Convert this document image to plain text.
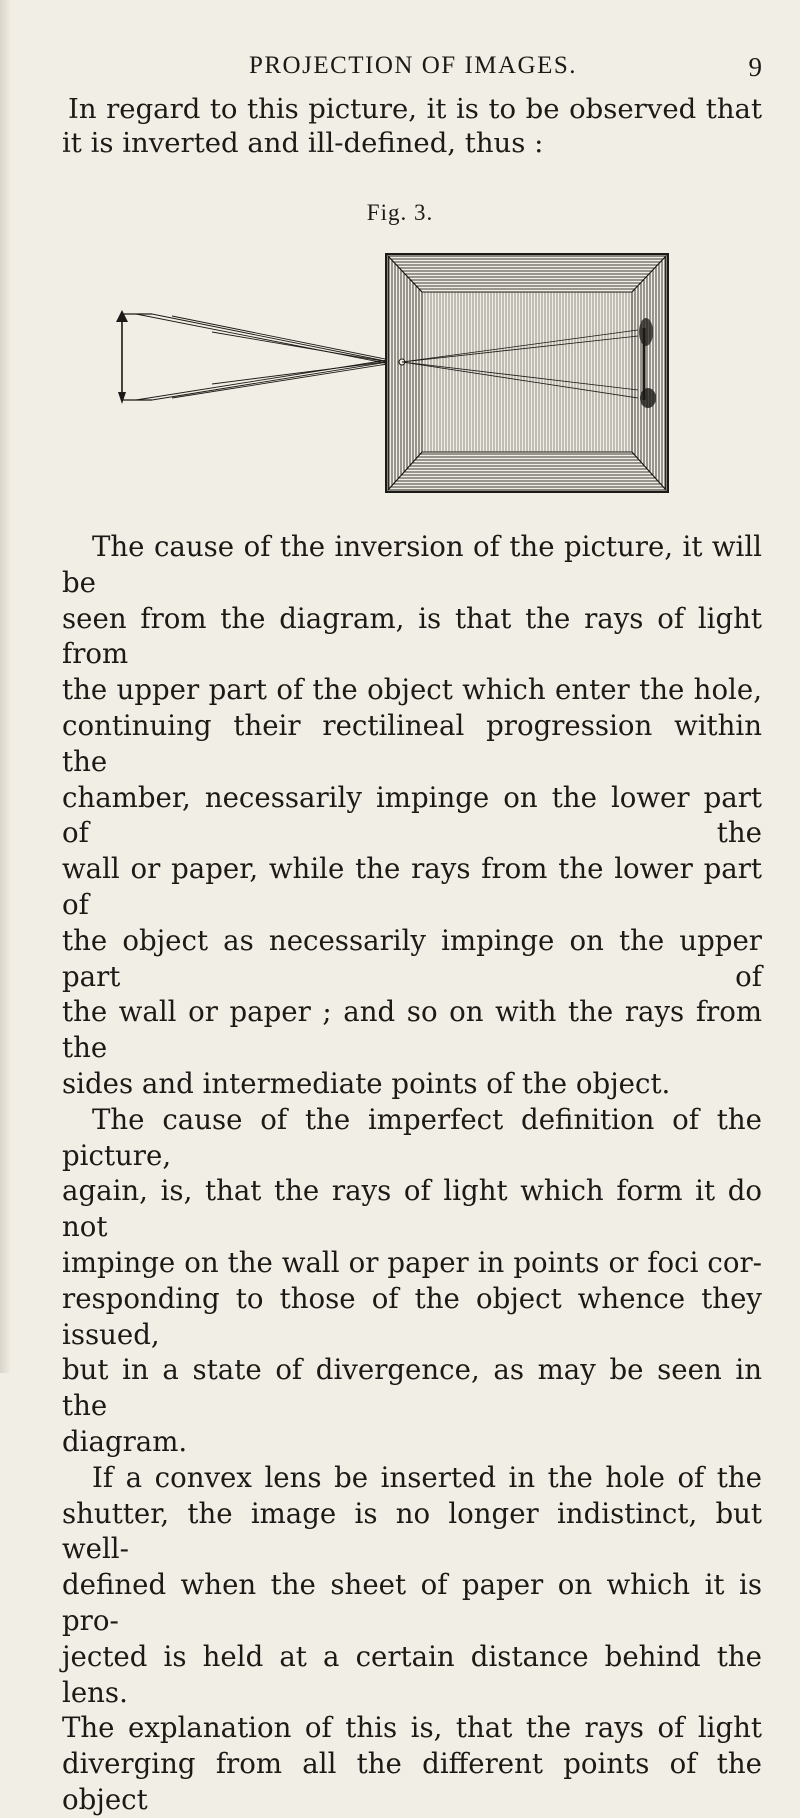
PROJECTION OF IMAGES.	9
In regard to this picture, it is to be observed that
it is inverted and ill-defined, thus :
Fig. 3.

The cause of the inversion of the picture, it will be
seen from the diagram, is that the rays of light from
the upper part of the object which enter the hole,
continuing their rectilineal progression within the
chamber, necessarily impinge on the lower part of the
wall or paper, while the rays from the lower part of
the object as necessarily impinge on the upper part of
the wall or paper ; and so on with the rays from the
sides and intermediate points of the object.

The cause of the imperfect definition of the picture,
again, is, that the rays of light which form it do not
impinge on the wall or paper in points or foci cor-
responding to those of the object whence they issued,
but in a state of divergence, as may be seen in the
diagram.

If a convex lens be inserted in the hole of the
shutter, the image is no longer indistinct, but well-
defined when the sheet of paper on which it is pro-
jected is held at a certain distance behind the lens.
The explanation of this is, that the rays of light
diverging from all the different points of the object
